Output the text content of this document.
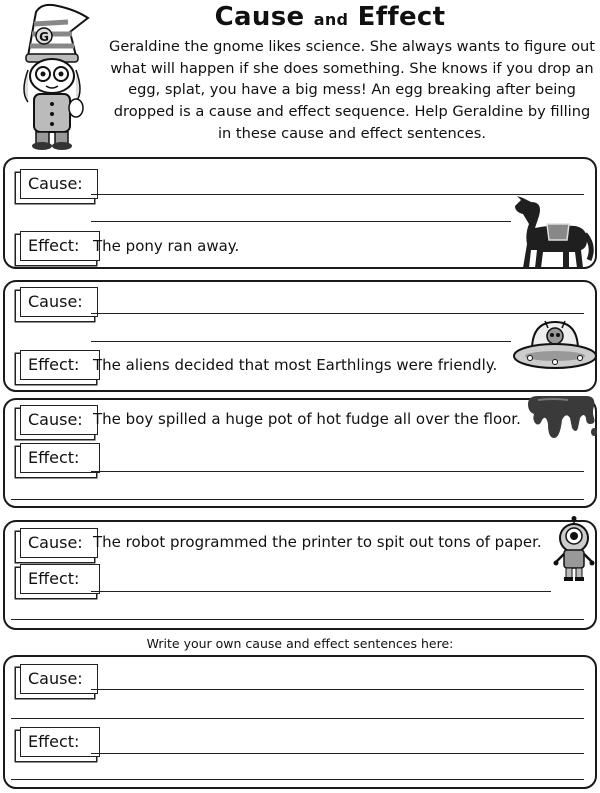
G
Cause and Effect
Geraldine the gnome likes science. She always wants to figure out what will happen if she does something. She knows if you drop an egg, splat, you have a big mess! An egg breaking after being dropped is a cause and effect sequence. Help Geraldine by filling in these cause and effect sentences.
Cause:
Effect: The pony ran away.
Cause:
Effect: The aliens decided that most Earthlings were friendly.
Cause: The boy spilled a huge pot of hot fudge all over the floor.
Effect:
Cause: The robot programmed the printer to spit out tons of paper.
Effect:
Write your own cause and effect sentences here:
Cause:
Effect:
